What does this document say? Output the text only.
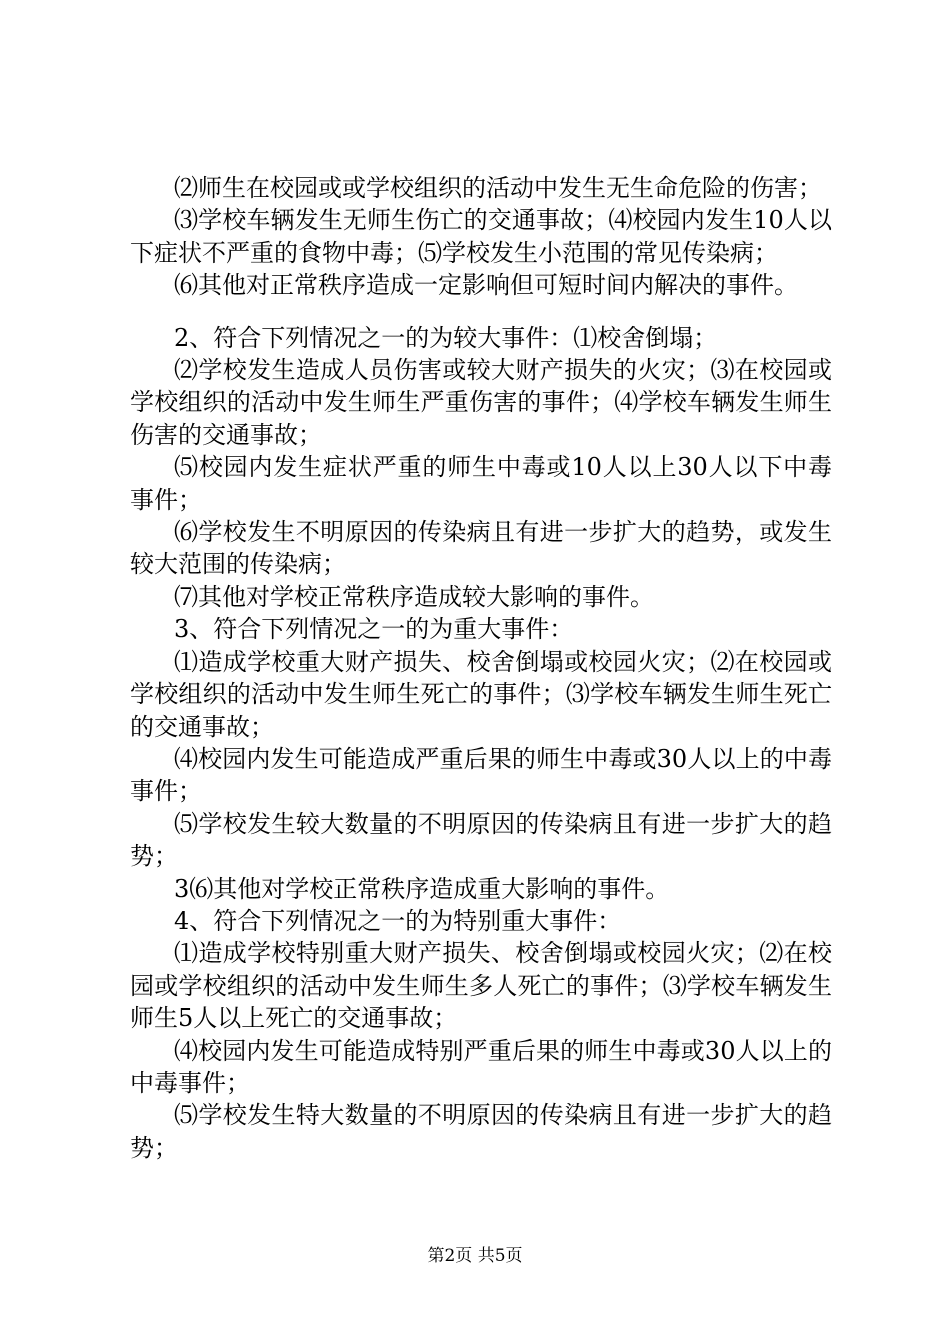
⑵师生在校园或或学校组织的活动中发生无生命危险的伤害；

⑶学校车辆发生无师生伤亡的交通事故；⑷校园内发生10人以下症状不严重的食物中毒；⑸学校发生小范围的常见传染病；

⑹其他对正常秩序造成一定影响但可短时间内解决的事件。

2、符合下列情况之一的为较大事件：⑴校舍倒塌；

⑵学校发生造成人员伤害或较大财产损失的火灾；⑶在校园或学校组织的活动中发生师生严重伤害的事件；⑷学校车辆发生师生伤害的交通事故；

⑸校园内发生症状严重的师生中毒或10人以上30人以下中毒事件；

⑹学校发生不明原因的传染病且有进一步扩大的趋势，或发生较大范围的传染病；

⑺其他对学校正常秩序造成较大影响的事件。

3、符合下列情况之一的为重大事件：

⑴造成学校重大财产损失、校舍倒塌或校园火灾；⑵在校园或学校组织的活动中发生师生死亡的事件；⑶学校车辆发生师生死亡的交通事故；

⑷校园内发生可能造成严重后果的师生中毒或30人以上的中毒事件；

⑸学校发生较大数量的不明原因的传染病且有进一步扩大的趋势；

3⑹其他对学校正常秩序造成重大影响的事件。

4、符合下列情况之一的为特别重大事件：

⑴造成学校特别重大财产损失、校舍倒塌或校园火灾；⑵在校园或学校组织的活动中发生师生多人死亡的事件；⑶学校车辆发生师生5人以上死亡的交通事故；

⑷校园内发生可能造成特别严重后果的师生中毒或30人以上的中毒事件；

⑸学校发生特大数量的不明原因的传染病且有进一步扩大的趋势；

第2页 共5页
